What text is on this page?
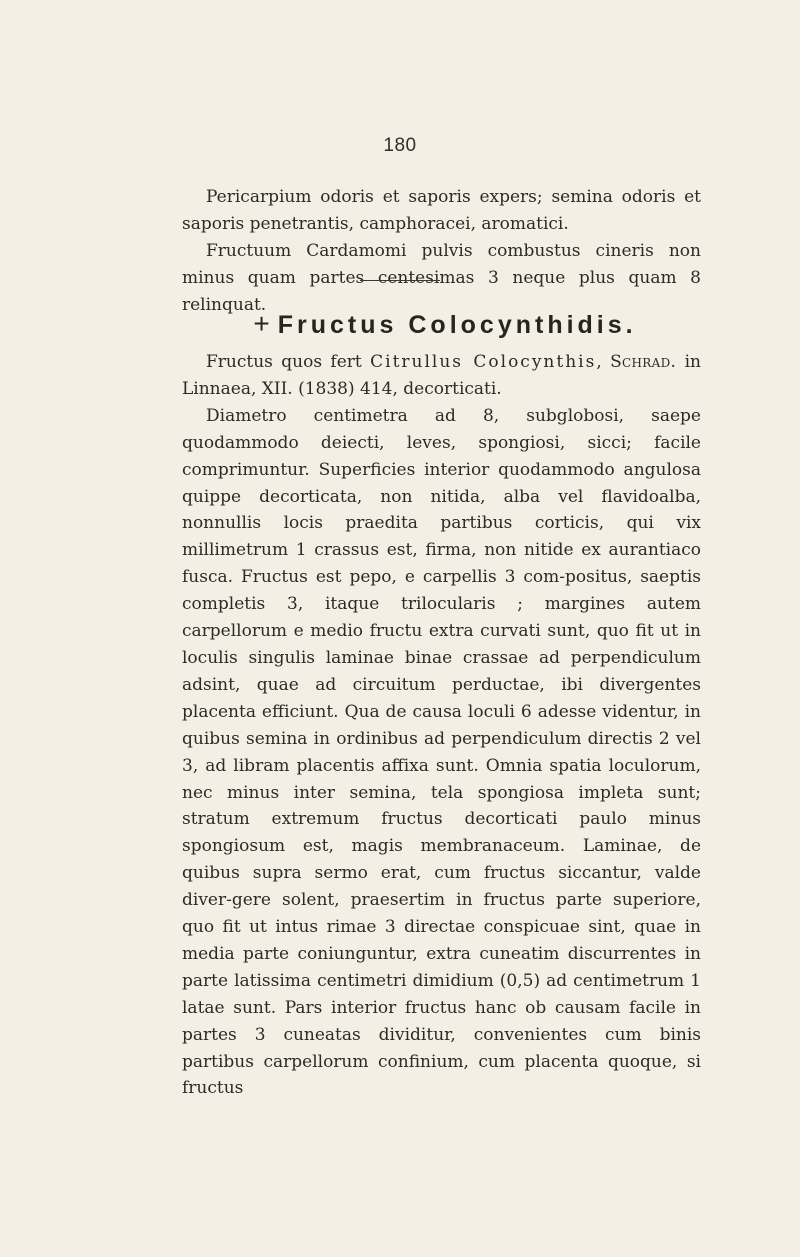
180

Pericarpium odoris et saporis expers; semina odoris et saporis penetrantis, camphoracei, aromatici.

Fructuum Cardamomi pulvis combustus cineris non minus quam partes centesimas 3 neque plus quam 8 relinquat.

+ Fructus Colocynthidis.

Fructus quos fert Citrullus Colocynthis, Schrad. in Linnaea, XII. (1838) 414, decorticati.

Diametro centimetra ad 8, subglobosi, saepe quodammodo deiecti, leves, spongiosi, sicci; facile comprimuntur. Superficies interior quodammodo angulosa quippe decorticata, non nitida, alba vel flavidoalba, nonnullis locis praedita partibus corticis, qui vix millimetrum 1 crassus est, firma, non nitide ex aurantiaco fusca. Fructus est pepo, e carpellis 3 com-positus, saeptis completis 3, itaque trilocularis ; margines autem carpellorum e medio fructu extra curvati sunt, quo fit ut in loculis singulis laminae binae crassae ad perpendiculum adsint, quae ad circuitum perductae, ibi divergentes placenta efficiunt. Qua de causa loculi 6 adesse videntur, in quibus semina in ordinibus ad perpendiculum directis 2 vel 3, ad libram placentis affixa sunt. Omnia spatia loculorum, nec minus inter semina, tela spongiosa impleta sunt; stratum extremum fructus decorticati paulo minus spongiosum est, magis membranaceum. Laminae, de quibus supra sermo erat, cum fructus siccantur, valde diver-gere solent, praesertim in fructus parte superiore, quo fit ut intus rimae 3 directae conspicuae sint, quae in media parte coniunguntur, extra cuneatim discurrentes in parte latissima centimetri dimidium (0,5) ad centimetrum 1 latae sunt. Pars interior fructus hanc ob causam facile in partes 3 cuneatas dividitur, convenientes cum binis partibus carpellorum confinium, cum placenta quoque, si fructus
